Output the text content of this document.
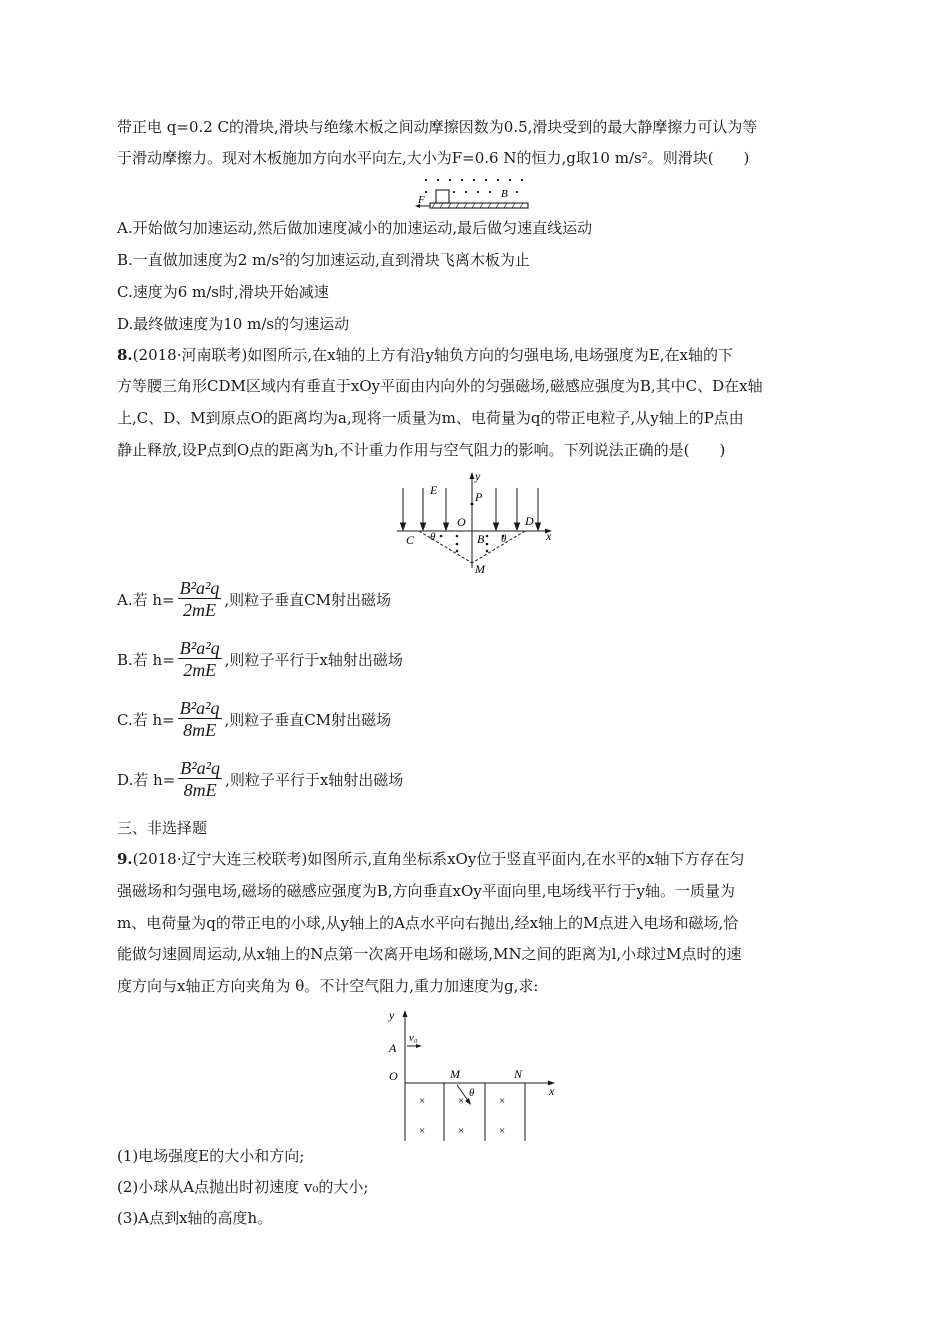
带正电 q=0.2 C的滑块,滑块与绝缘木板之间动摩擦因数为0.5,滑块受到的最大静摩擦力可认为等
于滑动摩擦力。现对木板施加方向水平向左,大小为F=0.6 N的恒力,g取10 m/s²。则滑块(　　)
F	B
A.开始做匀加速运动,然后做加速度减小的加速运动,最后做匀速直线运动
B.一直做加速度为2 m/s²的匀加速运动,直到滑块飞离木板为止
C.速度为6 m/s时,滑块开始减速
D.最终做速度为10 m/s的匀速运动
8.(2018·河南联考)如图所示,在x轴的上方有沿y轴负方向的匀强电场,电场强度为E,在x轴的下
方等腰三角形CDM区域内有垂直于xOy平面由内向外的匀强磁场,磁感应强度为B,其中C、D在x轴
上,C、D、M到原点O的距离均为a,现将一质量为m、电荷量为q的带正电粒子,从y轴上的P点由
静止释放,设P点到O点的距离为h,不计重力作用与空气阻力的影响。下列说法正确的是(　　)
y
E	P
O	D
C	x
θ	θ
B
M
A.若 $h= \frac{\text{B²a²q}}{2mE}$ ,则粒子垂直CM射出磁场
B.若 $h= \frac{\text{B²a²q}}{2mE}$ ,则粒子平行于x轴射出磁场
C.若 $h= \frac{\text{B²a²q}}{8mE}$ ,则粒子垂直CM射出磁场
D.若 $h= \frac{\text{B²a²q}}{8mE}$ ,则粒子平行于x轴射出磁场
三、非选择题
9.(2018·辽宁大连三校联考)如图所示,直角坐标系xOy位于竖直平面内,在水平的x轴下方存在匀
强磁场和匀强电场,磁场的磁感应强度为B,方向垂直xOy平面向里,电场线平行于y轴。一质量为
m、电荷量为q的带正电的小球,从y轴上的A点水平向右抛出,经x轴上的M点进入电场和磁场,恰
能做匀速圆周运动,从x轴上的N点第一次离开电场和磁场,MN之间的距离为l,小球过M点时的速
度方向与x轴正方向夹角为 θ。不计空气阻力,重力加速度为g,求:
y
v₀
A
M	N
O
θ	x
×	×	×
×	×	×
(1)电场强度E的大小和方向;
(2)小球从A点抛出时初速度 v₀的大小;
(3)A点到x轴的高度h。
